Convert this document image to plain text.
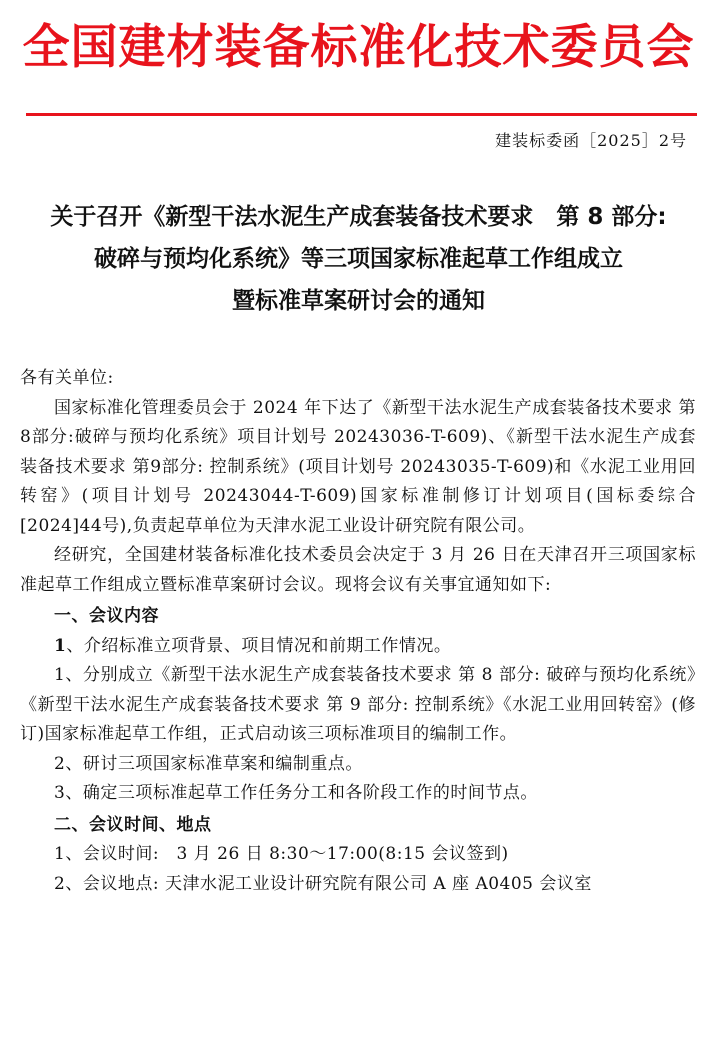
全国建材装备标准化技术委员会
建装标委函［2025］2号
关于召开《新型干法水泥生产成套装备技术要求　第 8 部分:
破碎与预均化系统》等三项国家标准起草工作组成立
暨标准草案研讨会的通知

各有关单位:

国家标准化管理委员会于 2024 年下达了《新型干法水泥生产成套装备技术要求 第8部分:破碎与预均化系统》项目计划号 20243036-T-609)、《新型干法水泥生产成套装备技术要求 第9部分: 控制系统》(项目计划号 20243035-T-609)和《水泥工业用回转窑》(项目计划号 20243044-T-609)国家标准制修订计划项目(国标委综合[2024]44号),负责起草单位为天津水泥工业设计研究院有限公司。

经研究，全国建材装备标准化技术委员会决定于 3 月 26 日在天津召开三项国家标准起草工作组成立暨标准草案研讨会议。现将会议有关事宜通知如下:

一、会议内容

1、介绍标准立项背景、项目情况和前期工作情况。

1、分别成立《新型干法水泥生产成套装备技术要求 第 8 部分: 破碎与预均化系统》《新型干法水泥生产成套装备技术要求 第 9 部分: 控制系统》《水泥工业用回转窑》(修订)国家标准起草工作组，正式启动该三项标准项目的编制工作。

2、研讨三项国家标准草案和编制重点。

3、确定三项标准起草工作任务分工和各阶段工作的时间节点。

二、会议时间、地点

1、会议时间:　3 月 26 日 8:30～17:00(8:15 会议签到)

2、会议地点: 天津水泥工业设计研究院有限公司 A 座 A0405 会议室
